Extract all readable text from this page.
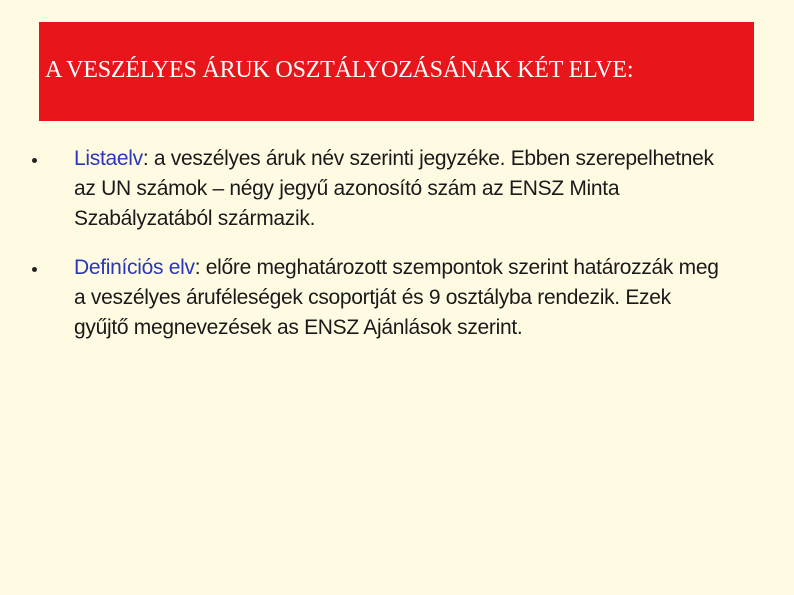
A VESZÉLYES ÁRUK OSZTÁLYOZÁSÁNAK KÉT ELVE:
Listaelv: a veszélyes áruk név szerinti jegyzéke. Ebben szerepelhetnek az UN számok – négy jegyű azonosító szám az ENSZ Minta Szabályzatából származik.
Definíciós elv: előre meghatározott szempontok szerint határozzák meg a veszélyes áruféleségek csoportját és 9 osztályba rendezik. Ezek gyűjtő megnevezések as ENSZ Ajánlások szerint.
